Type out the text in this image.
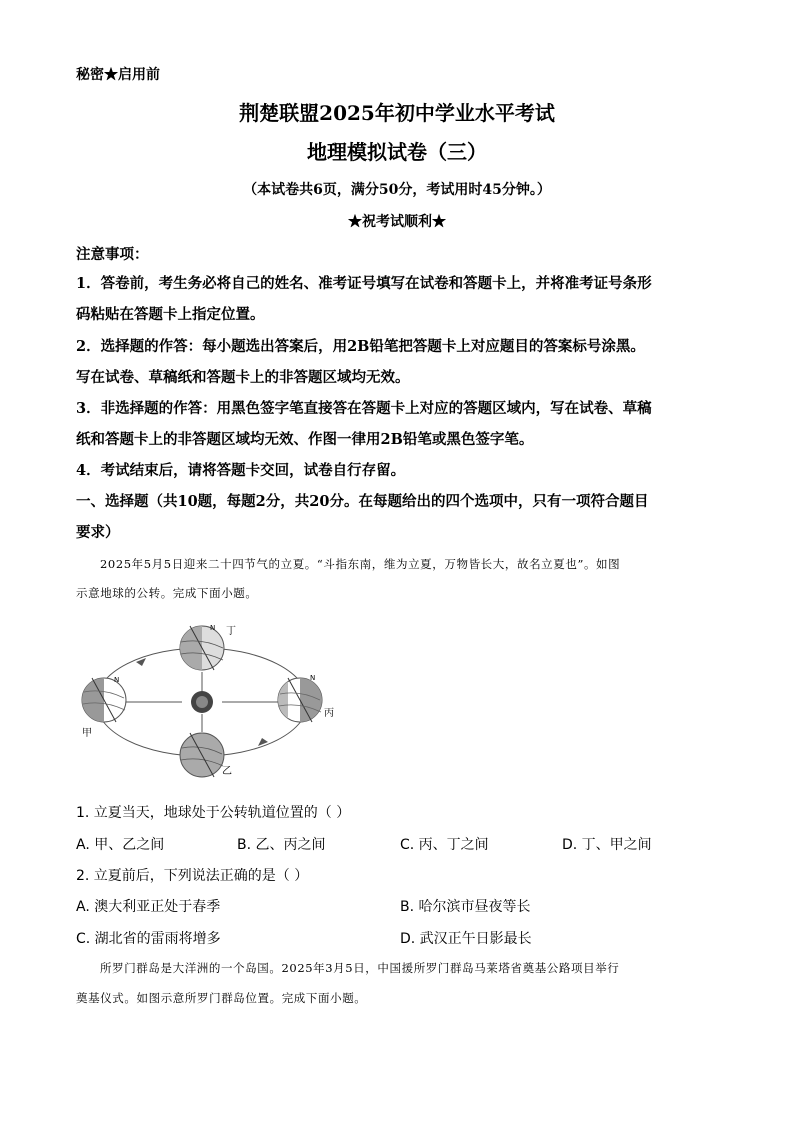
秘密★启用前
荆楚联盟2025年初中学业水平考试
地理模拟试卷（三）
（本试卷共6页，满分50分，考试用时45分钟。）
★祝考试顺利★
注意事项：
1．答卷前，考生务必将自己的姓名、准考证号填写在试卷和答题卡上，并将准考证号条形
码粘贴在答题卡上指定位置。
2．选择题的作答：每小题选出答案后，用2B铅笔把答题卡上对应题目的答案标号涂黑。
写在试卷、草稿纸和答题卡上的非答题区域均无效。
3．非选择题的作答：用黑色签字笔直接答在答题卡上对应的答题区域内，写在试卷、草稿
纸和答题卡上的非答题区域均无效、作图一律用2B铅笔或黑色签字笔。
4．考试结束后，请将答题卡交回，试卷自行存留。
一、选择题（共10题，每题2分，共20分。在每题给出的四个选项中，只有一项符合题目
要求）
2025年5月5日迎来二十四节气的立夏。“斗指东南，维为立夏，万物皆长大，故名立夏也”。如图
示意地球的公转。完成下面小题。
甲
乙
丙
丁
N
N	N
1. 立夏当天，地球处于公转轨道位置的（ ）
A. 甲、乙之间	B. 乙、丙之间	C. 丙、丁之间	D. 丁、甲之间
2. 立夏前后，下列说法正确的是（ ）
A. 澳大利亚正处于春季	B. 哈尔滨市昼夜等长
C. 湖北省的雷雨将增多	D. 武汉正午日影最长
所罗门群岛是大洋洲的一个岛国。2025年3月5日，中国援所罗门群岛马莱塔省奠基公路项目举行
奠基仪式。如图示意所罗门群岛位置。完成下面小题。
